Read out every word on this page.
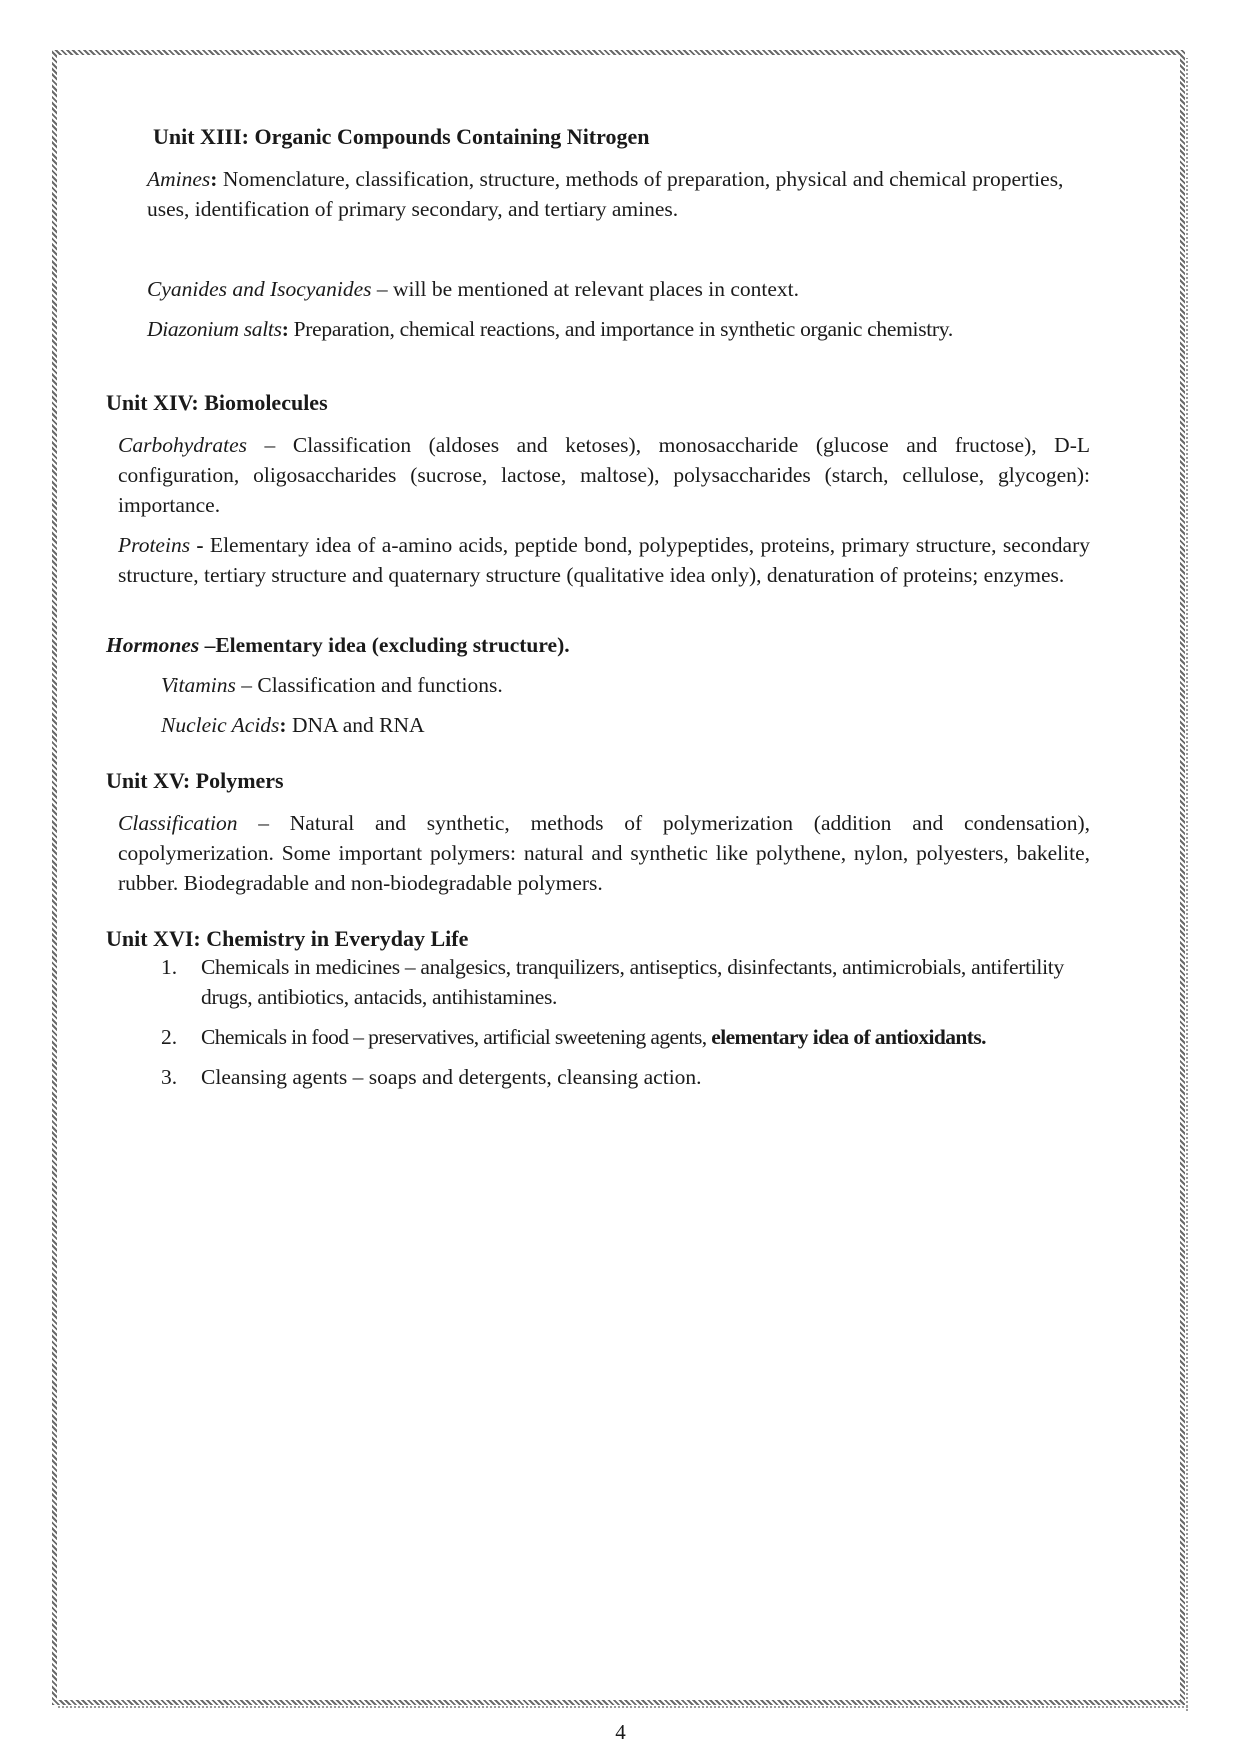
Unit XIII: Organic Compounds Containing Nitrogen

Amines: Nomenclature, classification, structure, methods of preparation, physical and chemical properties, uses, identification of primary secondary, and tertiary amines.

Cyanides and Isocyanides – will be mentioned at relevant places in context.

Diazonium salts: Preparation, chemical reactions, and importance in synthetic organic chemistry.

Unit XIV: Biomolecules

Carbohydrates – Classification (aldoses and ketoses), monosaccharide (glucose and fructose), D-L configuration, oligosaccharides (sucrose, lactose, maltose), polysaccharides (starch, cellulose, glycogen): importance.

Proteins - Elementary idea of a-amino acids, peptide bond, polypeptides, proteins, primary structure, secondary structure, tertiary structure and quaternary structure (qualitative idea only), denaturation of proteins; enzymes.

Hormones –Elementary idea (excluding structure).

Vitamins – Classification and functions.

Nucleic Acids: DNA and RNA

Unit XV: Polymers

Classification – Natural and synthetic, methods of polymerization (addition and condensation), copolymerization. Some important polymers: natural and synthetic like polythene, nylon, polyesters, bakelite, rubber. Biodegradable and non-biodegradable polymers.

Unit XVI: Chemistry in Everyday Life
1.	Chemicals in medicines – analgesics, tranquilizers, antiseptics, disinfectants, antimicrobials, antifertility drugs, antibiotics, antacids, antihistamines.
2.	Chemicals in food – preservatives, artificial sweetening agents, elementary idea of antioxidants.
3.	Cleansing agents – soaps and detergents, cleansing action.
4
